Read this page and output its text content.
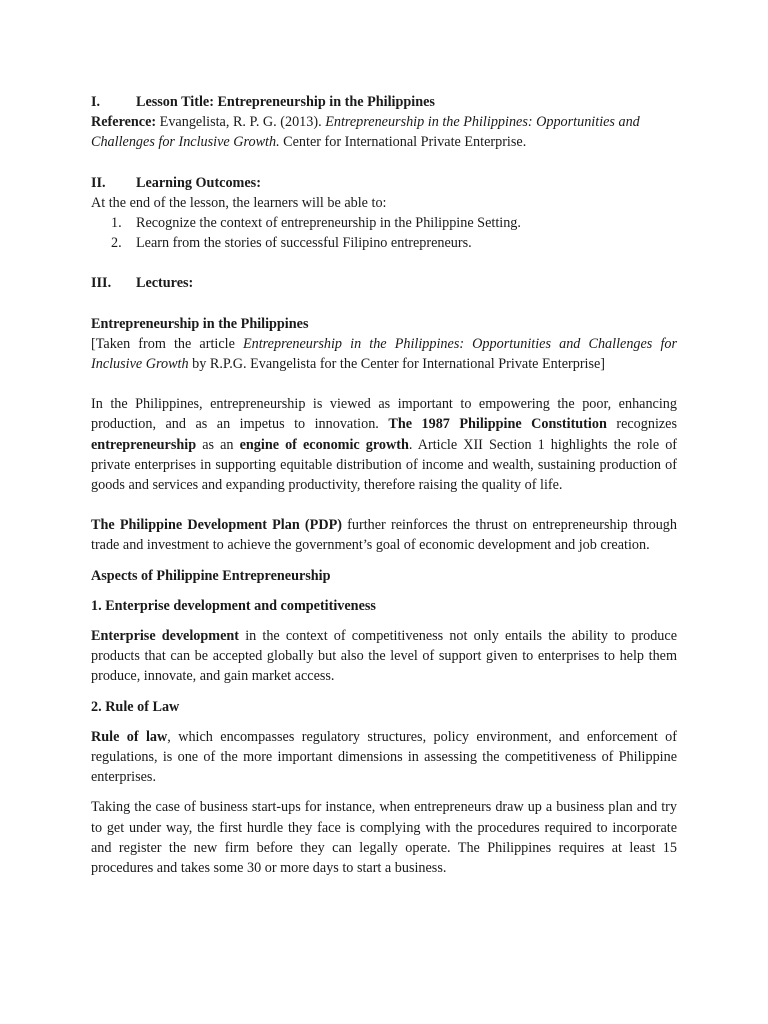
I.	Lesson Title: Entrepreneurship in the Philippines

Reference: Evangelista, R. P. G. (2013). Entrepreneurship in the Philippines: Opportunities and Challenges for Inclusive Growth. Center for International Private Enterprise.

II.	Learning Outcomes:

At the end of the lesson, the learners will be able to:

1.	Recognize the context of entrepreneurship in the Philippine Setting.
2.	Learn from the stories of successful Filipino entrepreneurs.
III.	Lectures:

Entrepreneurship in the Philippines

[Taken from the article Entrepreneurship in the Philippines: Opportunities and Challenges for Inclusive Growth by R.P.G. Evangelista for the Center for International Private Enterprise]

In the Philippines, entrepreneurship is viewed as important to empowering the poor, enhancing production, and as an impetus to innovation. The 1987 Philippine Constitution recognizes entrepreneurship as an engine of economic growth. Article XII Section 1 highlights the role of private enterprises in supporting equitable distribution of income and wealth, sustaining production of goods and services and expanding productivity, therefore raising the quality of life.

The Philippine Development Plan (PDP) further reinforces the thrust on entrepreneurship through trade and investment to achieve the government’s goal of economic development and job creation.

Aspects of Philippine Entrepreneurship

1. Enterprise development and competitiveness

Enterprise development in the context of competitiveness not only entails the ability to produce products that can be accepted globally but also the level of support given to enterprises to help them produce, innovate, and gain market access.

2. Rule of Law

Rule of law, which encompasses regulatory structures, policy environment, and enforcement of regulations, is one of the more important dimensions in assessing the competitiveness of Philippine enterprises.

Taking the case of business start-ups for instance, when entrepreneurs draw up a business plan and try to get under way, the first hurdle they face is complying with the procedures required to incorporate and register the new firm before they can legally operate. The Philippines requires at least 15 procedures and takes some 30 or more days to start a business.
